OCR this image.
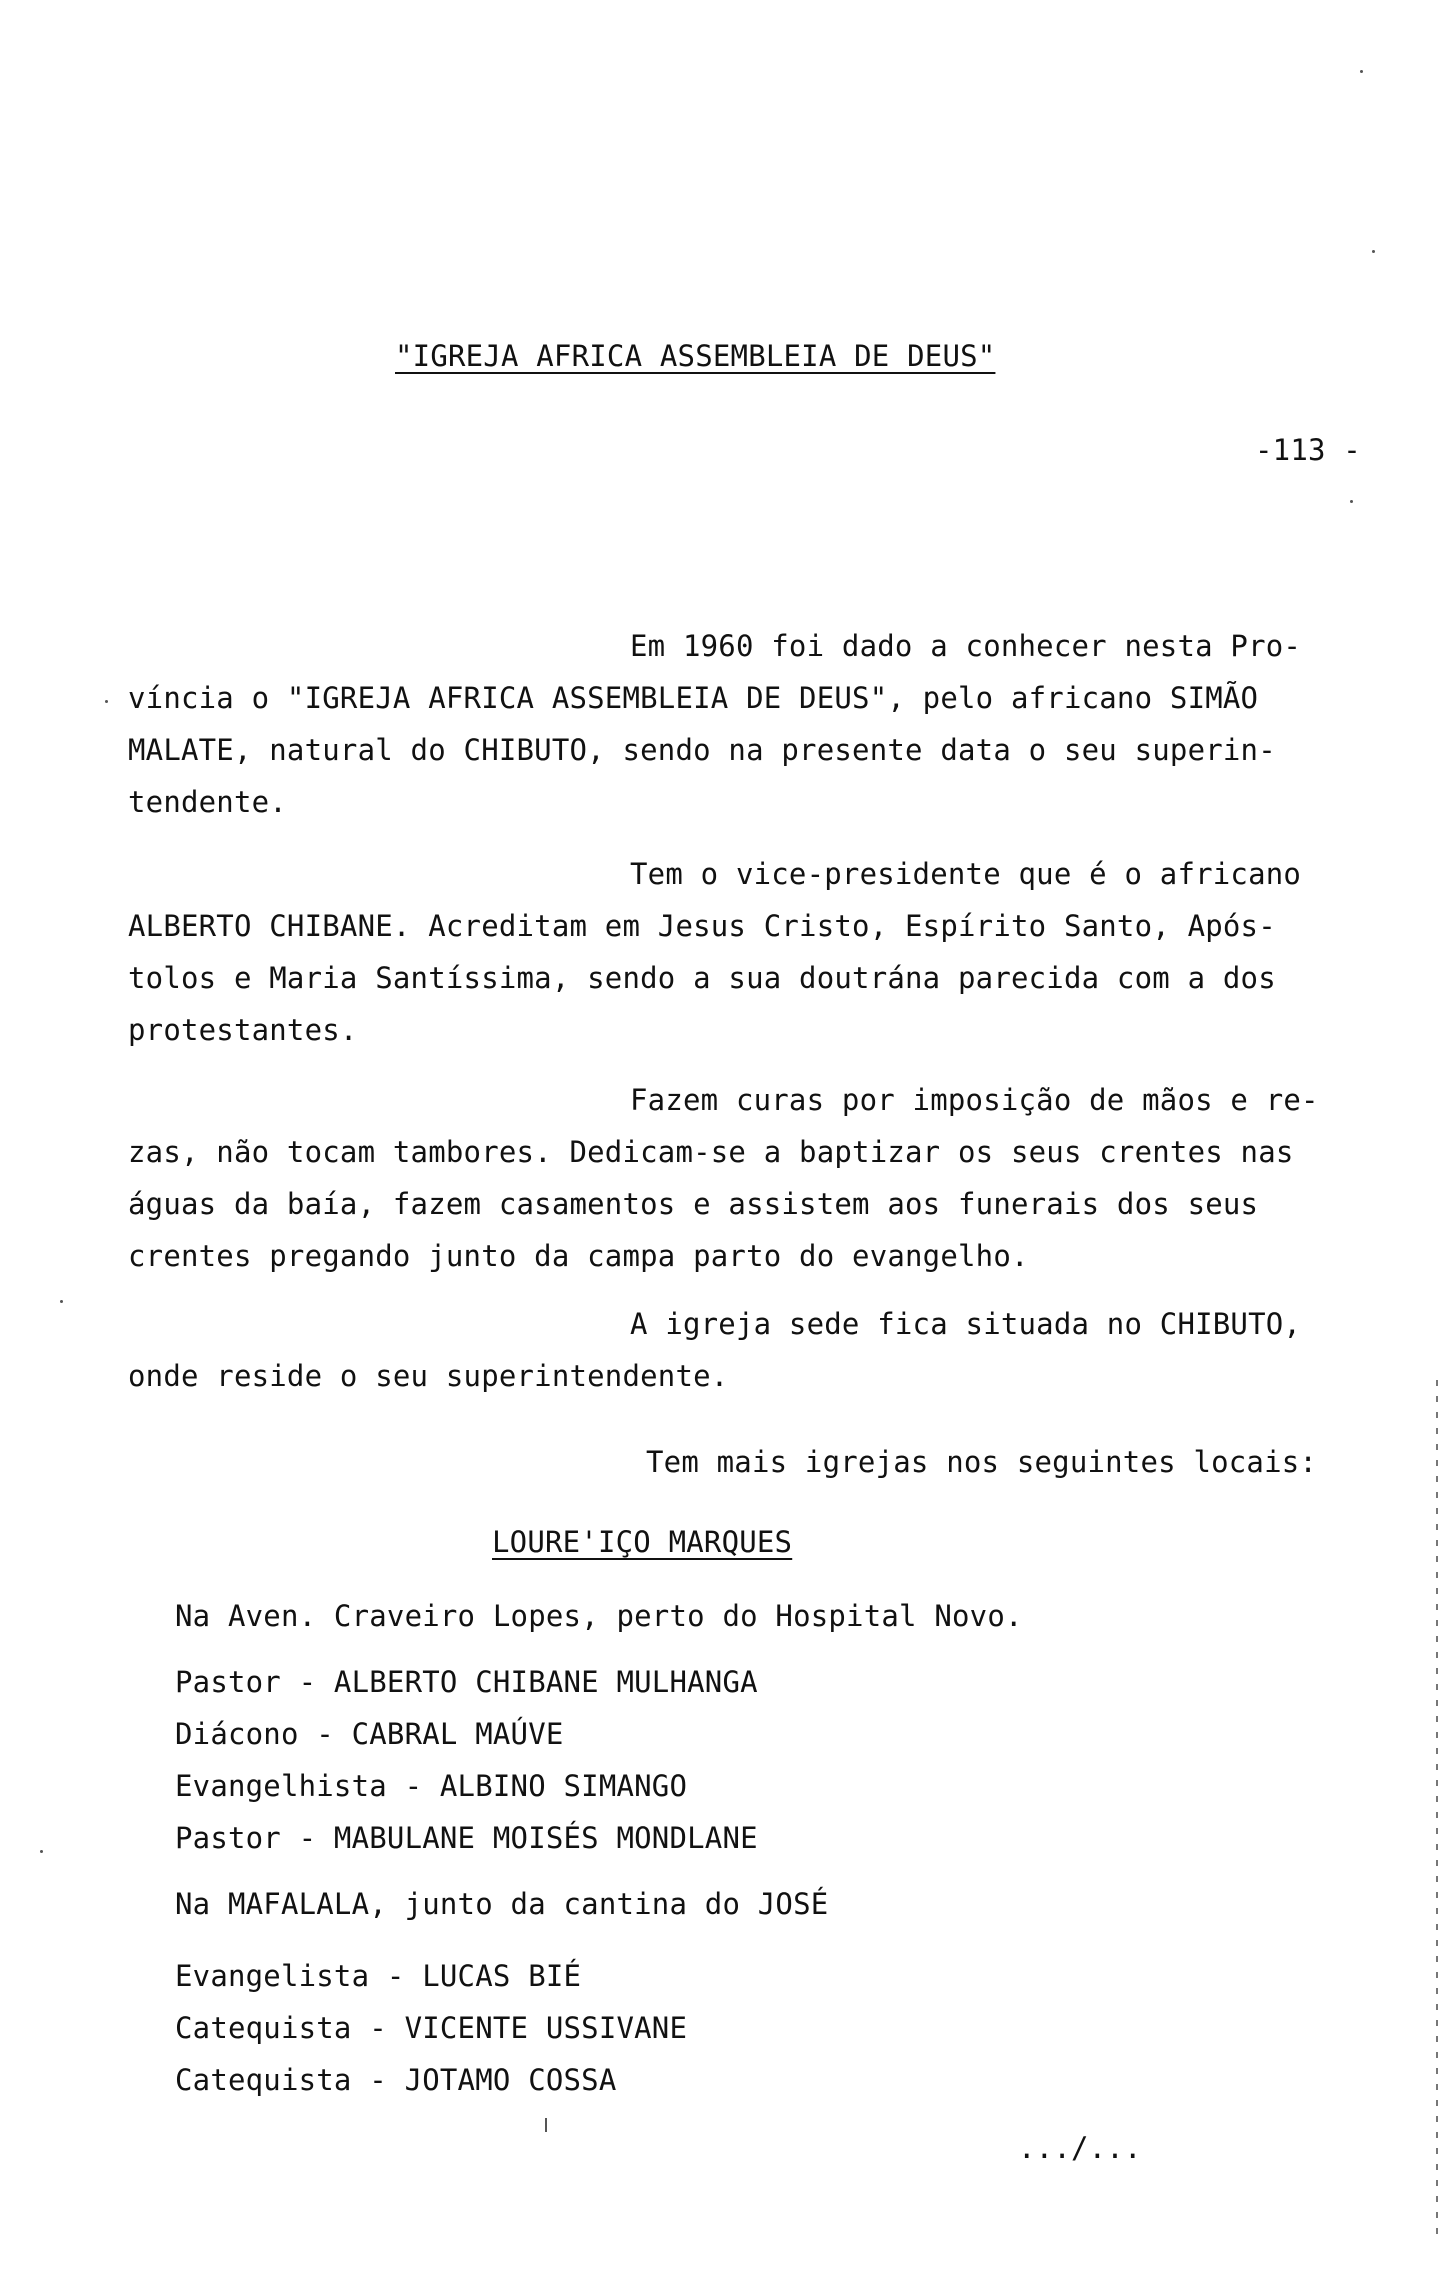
"IGREJA AFRICA ASSEMBLEIA DE DEUS"
-113 -
Em 1960 foi dado a conhecer nesta Pro-
víncia o "IGREJA AFRICA ASSEMBLEIA DE DEUS", pelo africano SIMÃO
MALATE, natural do CHIBUTO, sendo na presente data o seu superin-
tendente.
Tem o vice-presidente que é o africano
ALBERTO CHIBANE. Acreditam em Jesus Cristo, Espírito Santo, Após-
tolos e Maria Santíssima, sendo a sua doutrána parecida com a dos
protestantes.
Fazem curas por imposição de mãos e re-
zas, não tocam tambores. Dedicam-se a baptizar os seus crentes nas
águas da baía, fazem casamentos e assistem aos funerais dos seus
crentes pregando junto da campa parto do evangelho.
A igreja sede fica situada no CHIBUTO,
onde reside o seu superintendente.
Tem mais igrejas nos seguintes locais:
LOURE'IÇO MARQUES
Na Aven. Craveiro Lopes, perto do Hospital Novo.
Pastor - ALBERTO CHIBANE MULHANGA
Diácono - CABRAL MAÚVE
Evangelhista - ALBINO SIMANGO
Pastor - MABULANE MOISÉS MONDLANE
Na MAFALALA, junto da cantina do JOSÉ
Evangelista - LUCAS BIÉ
Catequista - VICENTE USSIVANE
Catequista - JOTAMO COSSA
.../...
